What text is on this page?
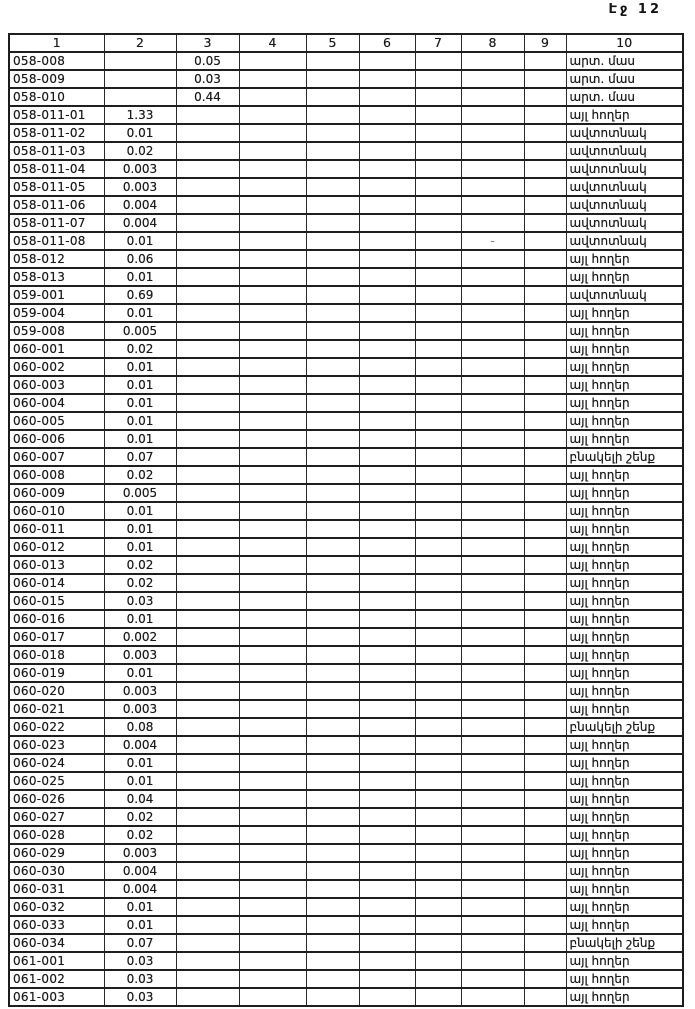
Էջ 12
1	2	3	4	5	6	7	8	9	10
058-008		0.05							արտ. մաս
058-009		0.03							արտ. մաս
058-010		0.44							արտ. մաս
058-011-01	1.33								այլ հողեր
058-011-02	0.01								ավտոտնակ
058-011-03	0.02								ավտոտնակ
058-011-04	0.003								ավտոտնակ
058-011-05	0.003								ավտոտնակ
058-011-06	0.004								ավտոտնակ
058-011-07	0.004								ավտոտնակ
058-011-08	0.01						-		ավտոտնակ
058-012	0.06								այլ հողեր
058-013	0.01								այլ հողեր
059-001	0.69								ավտոտնակ
059-004	0.01								այլ հողեր
059-008	0.005								այլ հողեր
060-001	0.02								այլ հողեր
060-002	0.01								այլ հողեր
060-003	0.01								այլ հողեր
060-004	0.01								այլ հողեր
060-005	0.01								այլ հողեր
060-006	0.01								այլ հողեր
060-007	0.07								բնակելի շենք
060-008	0.02								այլ հողեր
060-009	0.005								այլ հողեր
060-010	0.01								այլ հողեր
060-011	0.01								այլ հողեր
060-012	0.01								այլ հողեր
060-013	0.02								այլ հողեր
060-014	0.02								այլ հողեր
060-015	0.03								այլ հողեր
060-016	0.01								այլ հողեր
060-017	0.002								այլ հողեր
060-018	0.003								այլ հողեր
060-019	0.01								այլ հողեր
060-020	0.003								այլ հողեր
060-021	0.003								այլ հողեր
060-022	0.08								բնակելի շենք
060-023	0.004								այլ հողեր
060-024	0.01								այլ հողեր
060-025	0.01								այլ հողեր
060-026	0.04								այլ հողեր
060-027	0.02								այլ հողեր
060-028	0.02								այլ հողեր
060-029	0.003								այլ հողեր
060-030	0.004								այլ հողեր
060-031	0.004								այլ հողեր
060-032	0.01								այլ հողեր
060-033	0.01								այլ հողեր
060-034	0.07								բնակելի շենք
061-001	0.03								այլ հողեր
061-002	0.03								այլ հողեր
061-003	0.03								այլ հողեր
